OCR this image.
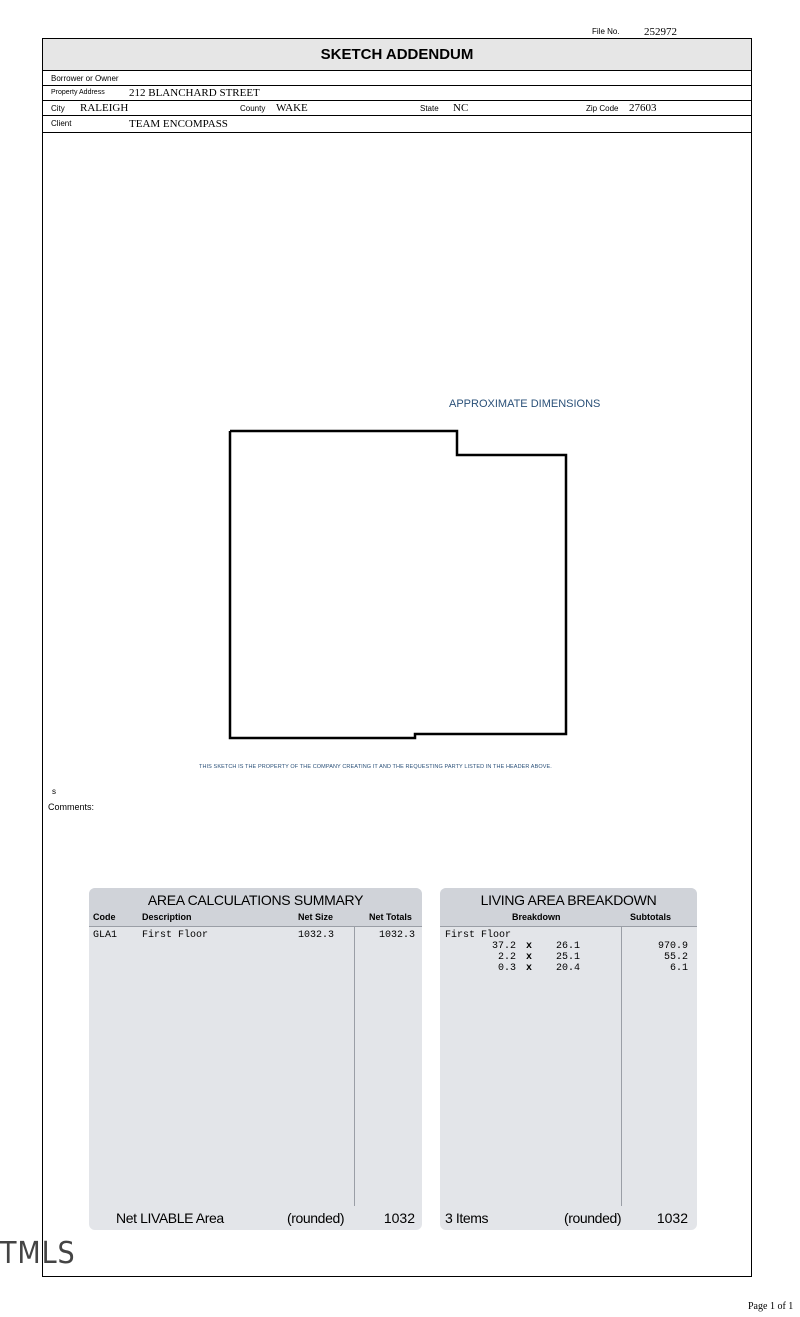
File No. 252972
SKETCH ADDENDUM
Borrower or Owner
Property Address 212 BLANCHARD STREET
City RALEIGH	County WAKE	State NC	Zip Code 27603
Client	TEAM ENCOMPASS
APPROXIMATE DIMENSIONS
THIS SKETCH IS THE PROPERTY OF THE COMPANY CREATING IT AND THE REQUESTING PARTY LISTED IN THE HEADER ABOVE.
s
Comments:
AREA CALCULATIONS SUMMARY
Code	Description	Net Size	Net Totals
GLA1 First Floor	1032.3	1032.3
Net LIVABLE Area	(rounded)	1032
LIVING AREA BREAKDOWN
Breakdown	Subtotals
First Floor
37.2 x	26.1	970.9
2.2 x	25.1	55.2
0.3 x	20.4	6.1
3 Items	(rounded)	1032
TMLS
Page 1 of 1
